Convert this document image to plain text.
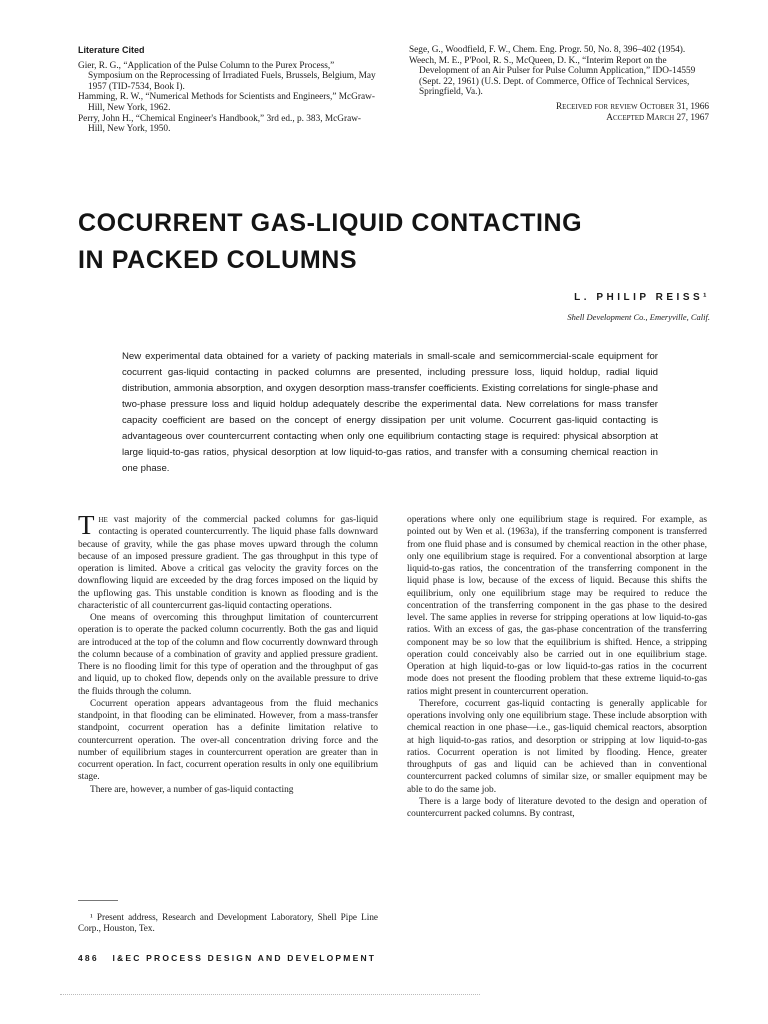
Literature Cited

Gier, R. G., “Application of the Pulse Column to the Purex Process,” Symposium on the Reprocessing of Irradiated Fuels, Brussels, Belgium, May 1957 (TID-7534, Book I).

Hamming, R. W., “Numerical Methods for Scientists and Engineers,” McGraw-Hill, New York, 1962.

Perry, John H., “Chemical Engineer's Handbook,” 3rd ed., p. 383, McGraw-Hill, New York, 1950.

Sege, G., Woodfield, F. W., Chem. Eng. Progr. 50, No. 8, 396–402 (1954).

Weech, M. E., P'Pool, R. S., McQueen, D. K., “Interim Report on the Development of an Air Pulser for Pulse Column Application,” IDO-14559 (Sept. 22, 1961) (U.S. Dept. of Commerce, Office of Technical Services, Springfield, Va.).

Received for review October 31, 1966

Accepted March 27, 1967

COCURRENT GAS-LIQUID CONTACTING
IN PACKED COLUMNS
L. PHILIP REISS¹
Shell Development Co., Emeryville, Calif.
New experimental data obtained for a variety of packing materials in small-scale and semicommercial-scale equipment for cocurrent gas-liquid contacting in packed columns are presented, including pressure loss, liquid holdup, radial liquid distribution, ammonia absorption, and oxygen desorption mass-transfer coefficients. Existing correlations for single-phase and two-phase pressure loss and liquid holdup adequately describe the experimental data. New correlations for mass transfer capacity coefficient are based on the concept of energy dissipation per unit volume. Cocurrent gas-liquid contacting is advantageous over countercurrent contacting when only one equilibrium contacting stage is required: physical absorption at large liquid-to-gas ratios, physical desorption at low liquid-to-gas ratios, and transfer with a consuming chemical reaction in one phase.

The vast majority of the commercial packed columns for gas-liquid contacting is operated countercurrently. The liquid phase falls downward because of gravity, while the gas phase moves upward through the column because of an imposed pressure gradient. The gas throughput in this type of operation is limited. Above a critical gas velocity the gravity forces on the downflowing liquid are exceeded by the drag forces imposed on the liquid by the upflowing gas. This unstable condition is known as flooding and is the characteristic of all countercurrent gas-liquid contacting operations.

One means of overcoming this throughput limitation of countercurrent operation is to operate the packed column cocurrently. Both the gas and liquid are introduced at the top of the column and flow cocurrently downward through the column because of a combination of gravity and applied pressure gradient. There is no flooding limit for this type of operation and the throughput of gas and liquid, up to choked flow, depends only on the available pressure to drive the fluids through the column.

Cocurrent operation appears advantageous from the fluid mechanics standpoint, in that flooding can be eliminated. However, from a mass-transfer standpoint, cocurrent operation has a definite limitation relative to countercurrent operation. The over-all concentration driving force and the number of equilibrium stages in countercurrent operation are greater than in cocurrent operation. In fact, cocurrent operation results in only one equilibrium stage.

There are, however, a number of gas-liquid contacting

¹ Present address, Research and Development Laboratory, Shell Pipe Line Corp., Houston, Tex.

operations where only one equilibrium stage is required. For example, as pointed out by Wen et al. (1963a), if the transferring component is transferred from one fluid phase and is consumed by chemical reaction in the other phase, only one equilibrium stage is required. For a conventional absorption at large liquid-to-gas ratios, the concentration of the transferring component in the liquid phase is low, because of the excess of liquid. Because this shifts the equilibrium, only one equilibrium stage may be required to reduce the concentration of the transferring component in the gas phase to the desired level. The same applies in reverse for stripping operations at low liquid-to-gas ratios. With an excess of gas, the gas-phase concentration of the transferring component may be so low that the equilibrium is shifted. Hence, a stripping operation could conceivably also be carried out in one equilibrium stage. Operation at high liquid-to-gas or low liquid-to-gas ratios in the cocurrent mode does not present the flooding problem that these extreme liquid-to-gas ratios might present in countercurrent operation.

Therefore, cocurrent gas-liquid contacting is generally applicable for operations involving only one equilibrium stage. These include absorption with chemical reaction in one phase—i.e., gas-liquid chemical reactors, absorption at high liquid-to-gas ratios, and desorption or stripping at low liquid-to-gas ratios. Cocurrent operation is not limited by flooding. Hence, greater throughputs of gas and liquid can be achieved than in conventional countercurrent packed columns of similar size, or smaller equipment may be able to do the same job.

There is a large body of literature devoted to the design and operation of countercurrent packed columns. By contrast,

486   I&EC PROCESS DESIGN AND DEVELOPMENT
